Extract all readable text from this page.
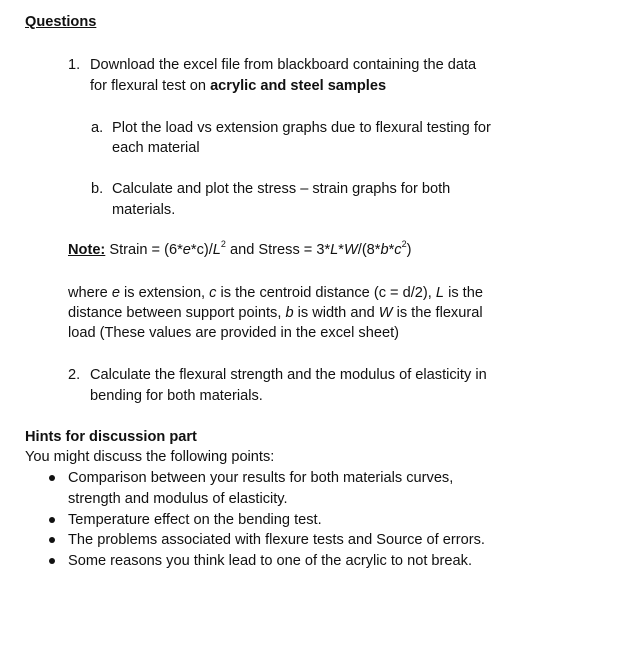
Questions
1. Download the excel file from blackboard containing the data
for flexural test on acrylic and steel samples
a. Plot the load vs extension graphs due to flexural testing for
each material
b. Calculate and plot the stress – strain graphs for both
materials.
Note: Strain = $(6*e*c)/L^2$ and Stress = $3*L*W/(8*b*c^2)$
where e is extension, c is the centroid distance (c = d/2), L is the
distance between support points, b is width and W is the flexural
load (These values are provided in the excel sheet)
2. Calculate the flexural strength and the modulus of elasticity in
bending for both materials.
Hints for discussion part
You might discuss the following points:
Comparison between your results for both materials curves,
strength and modulus of elasticity.
Temperature effect on the bending test.
The problems associated with flexure tests and Source of errors.
Some reasons you think lead to one of the acrylic to not break.
